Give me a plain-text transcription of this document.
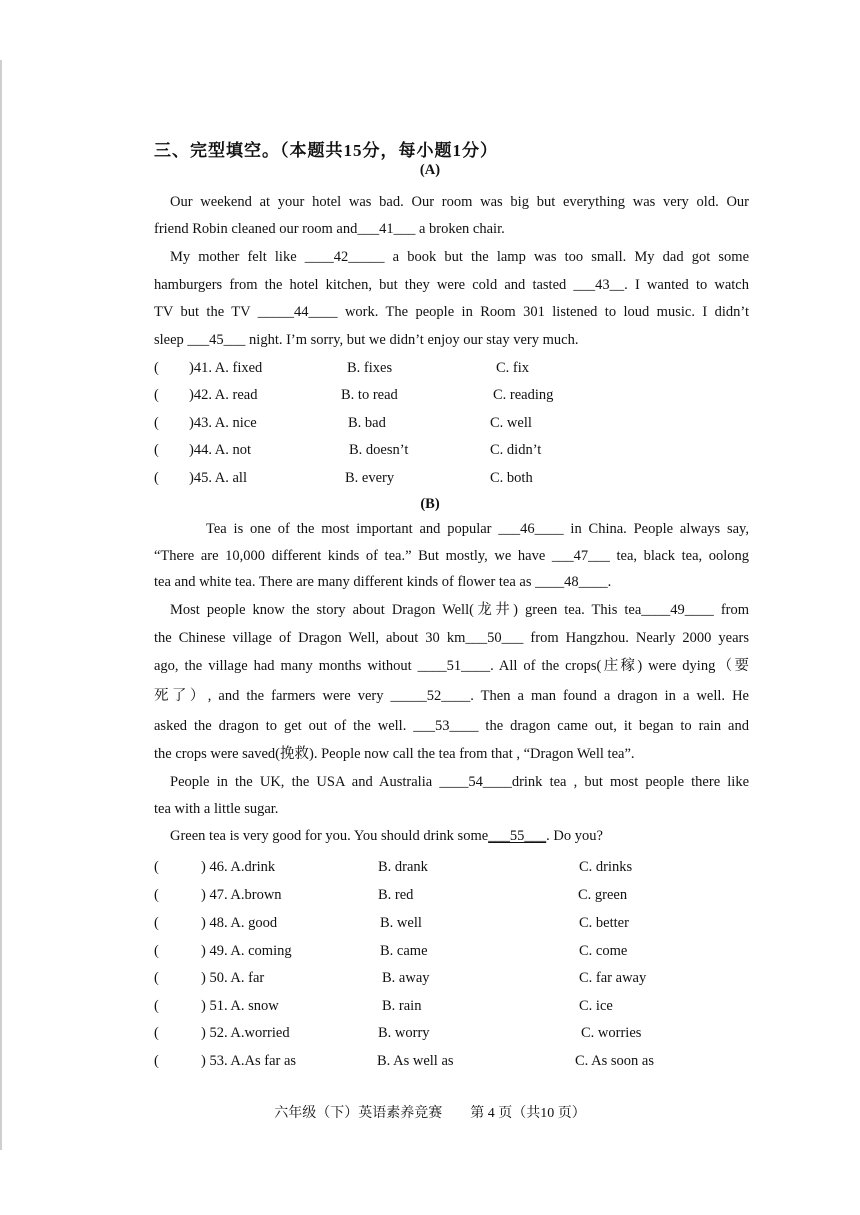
三、完型填空。（本题共15分，每小题1分）
(A)
Our weekend at your hotel was bad. Our room was big but everything was very old. Our
friend Robin cleaned our room and___41___ a broken chair.
My mother felt like ____42_____ a book but the lamp was too small. My dad got some
hamburgers from the hotel kitchen, but they were cold and tasted ___43__. I wanted to watch
TV but the TV _____44____ work. The people in Room 301 listened to loud music. I didn’t
sleep ___45___ night. I’m sorry, but we didn’t enjoy our stay very much.
( )41. A. fixed	B. fixes	C. fix
( )42. A. read	B. to read	C. reading
( )43. A. nice	B. bad	C. well
( )44. A. not	B. doesn’t	C. didn’t
( )45. A. all	B. every	C. both
(B)
Tea is one of the most important and popular ___46____ in China. People always say,
“There are 10,000 different kinds of tea.” But mostly, we have ___47___ tea, black tea, oolong
tea and white tea. There are many different kinds of flower tea as ____48____.
Most people know the story about Dragon Well(龙井) green tea. This tea____49____ from
the Chinese village of Dragon Well, about 30 km___50___ from Hangzhou. Nearly 2000 years
ago, the village had many months without ____51____. All of the crops(庄稼) were dying（要
死了）, and the farmers were very _____52____. Then a man found a dragon in a well. He
asked the dragon to get out of the well. ___53____ the dragon came out, it began to rain and
the crops were saved(挽救). People now call the tea from that , “Dragon Well tea”.
People in the UK, the USA and Australia ____54____drink tea , but most people there like
tea with a little sugar.
Green tea is very good for you. You should drink some___55___. Do you?
(	) 46. A.drink	B. drank	C. drinks
(	) 47. A.brown	B. red	C. green
(	) 48. A. good	B. well	C. better
(	) 49. A. coming	B. came	C. come
(	) 50. A. far	B. away	C. far away
(	) 51. A. snow	B. rain	C. ice
(	) 52. A.worried	B. worry	C. worries
(	) 53. A.As far as	B. As well as	C. As soon as
六年级（下）英语素养竞赛　　第 4 页（共10 页）
